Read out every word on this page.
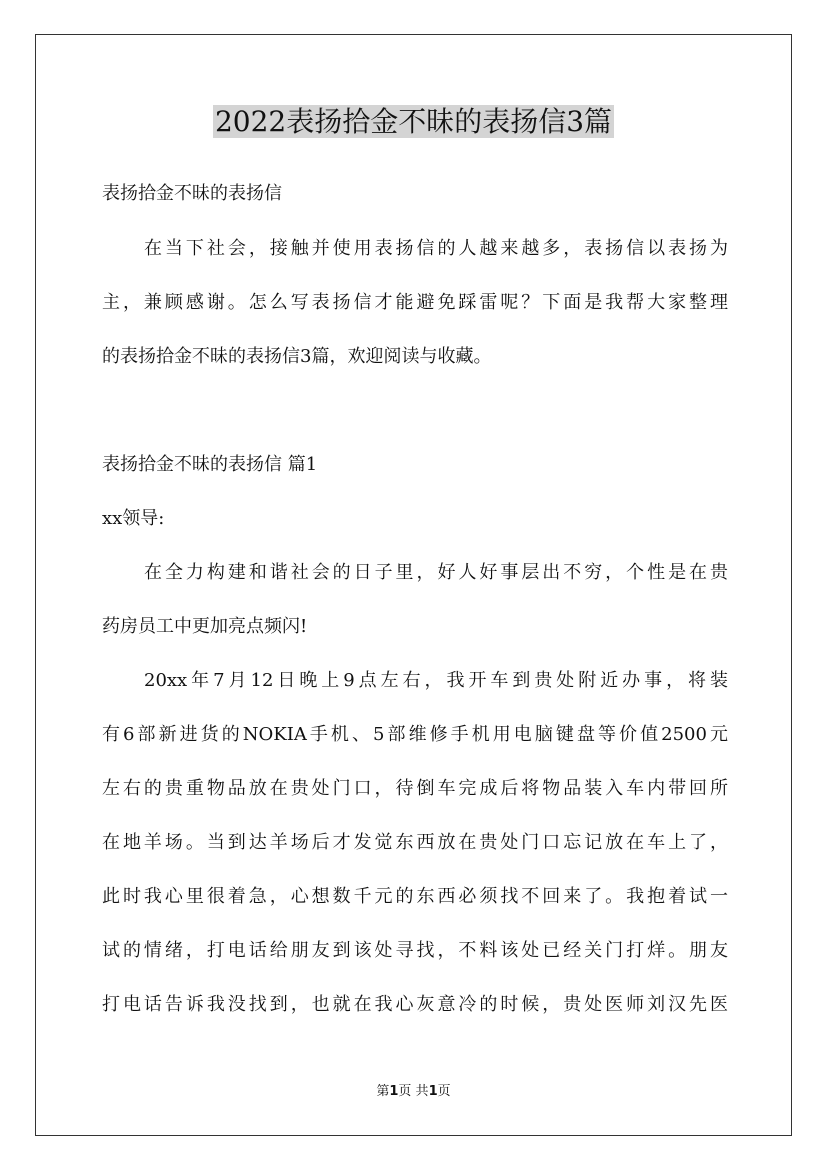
2022表扬拾金不昧的表扬信3篇
表扬拾金不昧的表扬信
在当下社会，接触并使用表扬信的人越来越多，表扬信以表扬为
主，兼顾感谢。怎么写表扬信才能避免踩雷呢？下面是我帮大家整理
的表扬拾金不昧的表扬信3篇，欢迎阅读与收藏。
表扬拾金不昧的表扬信 篇1
xx领导:
在全力构建和谐社会的日子里，好人好事层出不穷，个性是在贵
药房员工中更加亮点频闪!
20xx年7月12日晚上9点左右，我开车到贵处附近办事，将装
有6部新进货的NOKIA手机、5部维修手机用电脑键盘等价值2500元
左右的贵重物品放在贵处门口，待倒车完成后将物品装入车内带回所
在地羊场。当到达羊场后才发觉东西放在贵处门口忘记放在车上了，
此时我心里很着急，心想数千元的东西必须找不回来了。我抱着试一
试的情绪，打电话给朋友到该处寻找，不料该处已经关门打烊。朋友
打电话告诉我没找到，也就在我心灰意冷的时候，贵处医师刘汉先医
第1页 共1页
